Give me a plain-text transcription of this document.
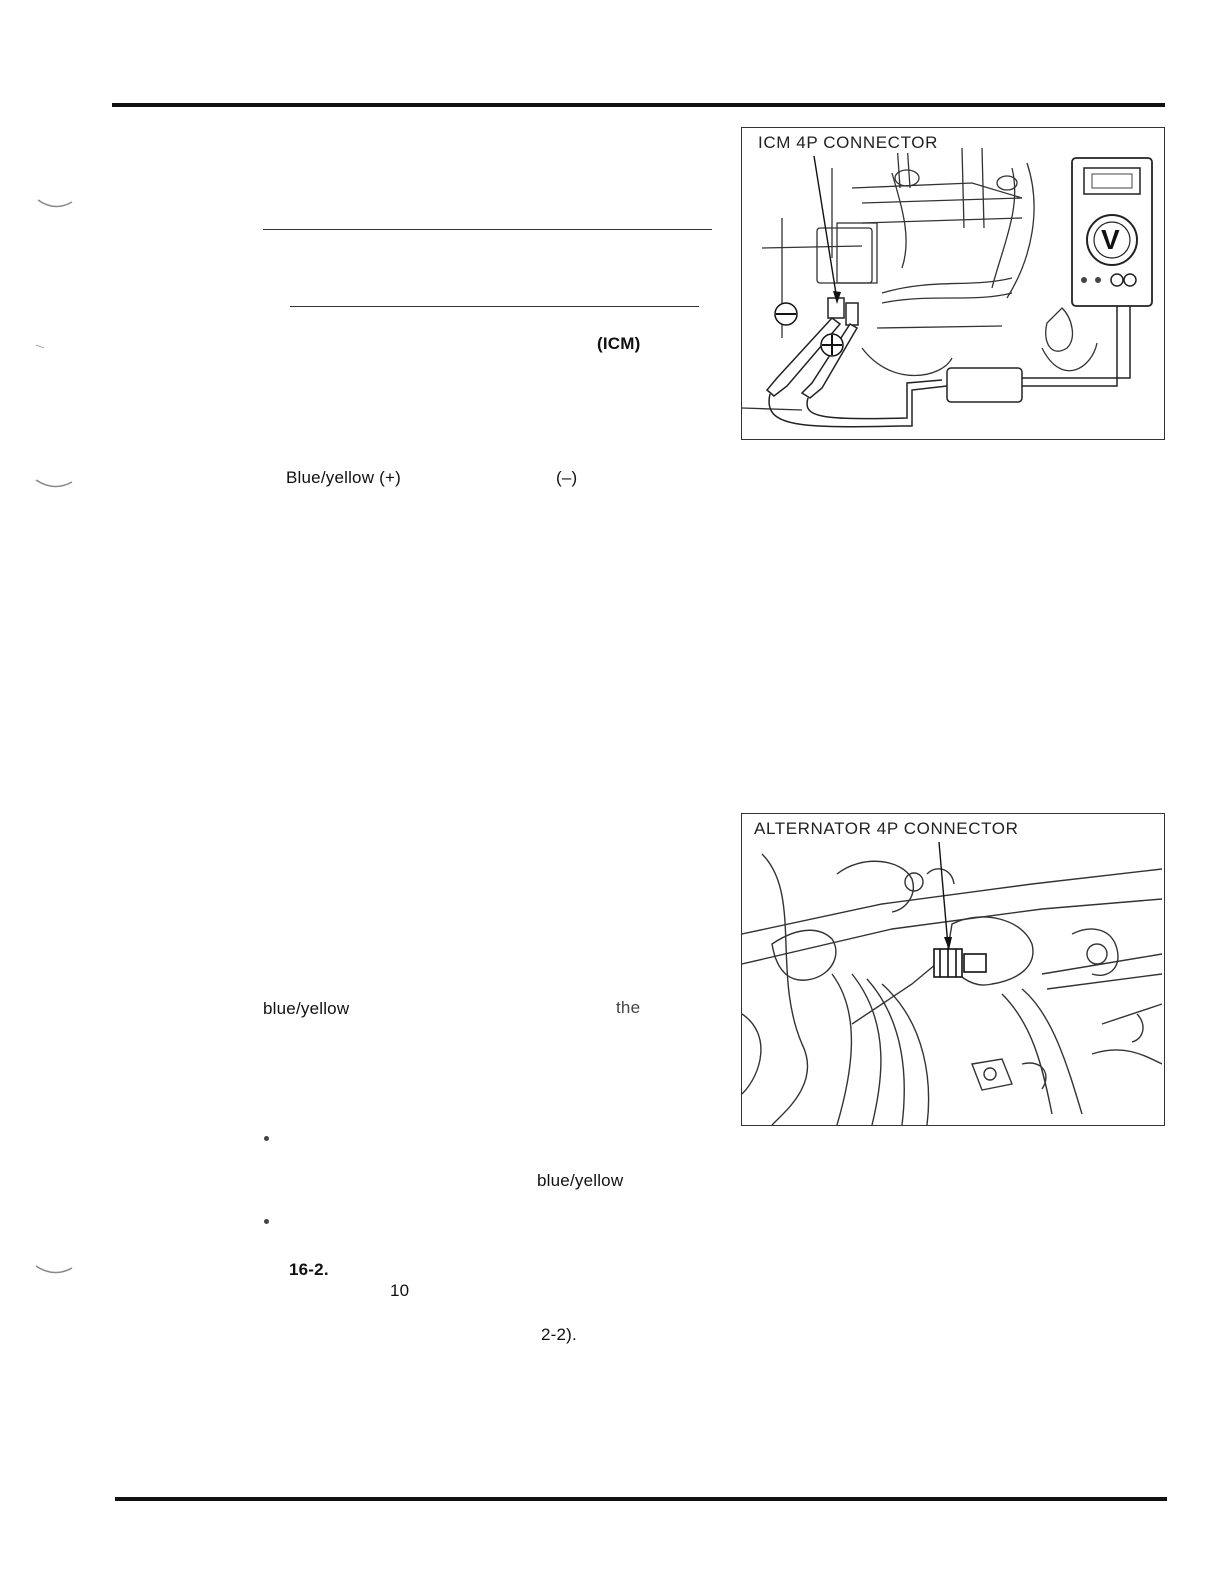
(ICM)
Blue/yellow (+)	(–)
blue/yellow	the
blue/yellow
16-2.
10
2-2).
ICM 4P CONNECTOR
V
ALTERNATOR 4P CONNECTOR
